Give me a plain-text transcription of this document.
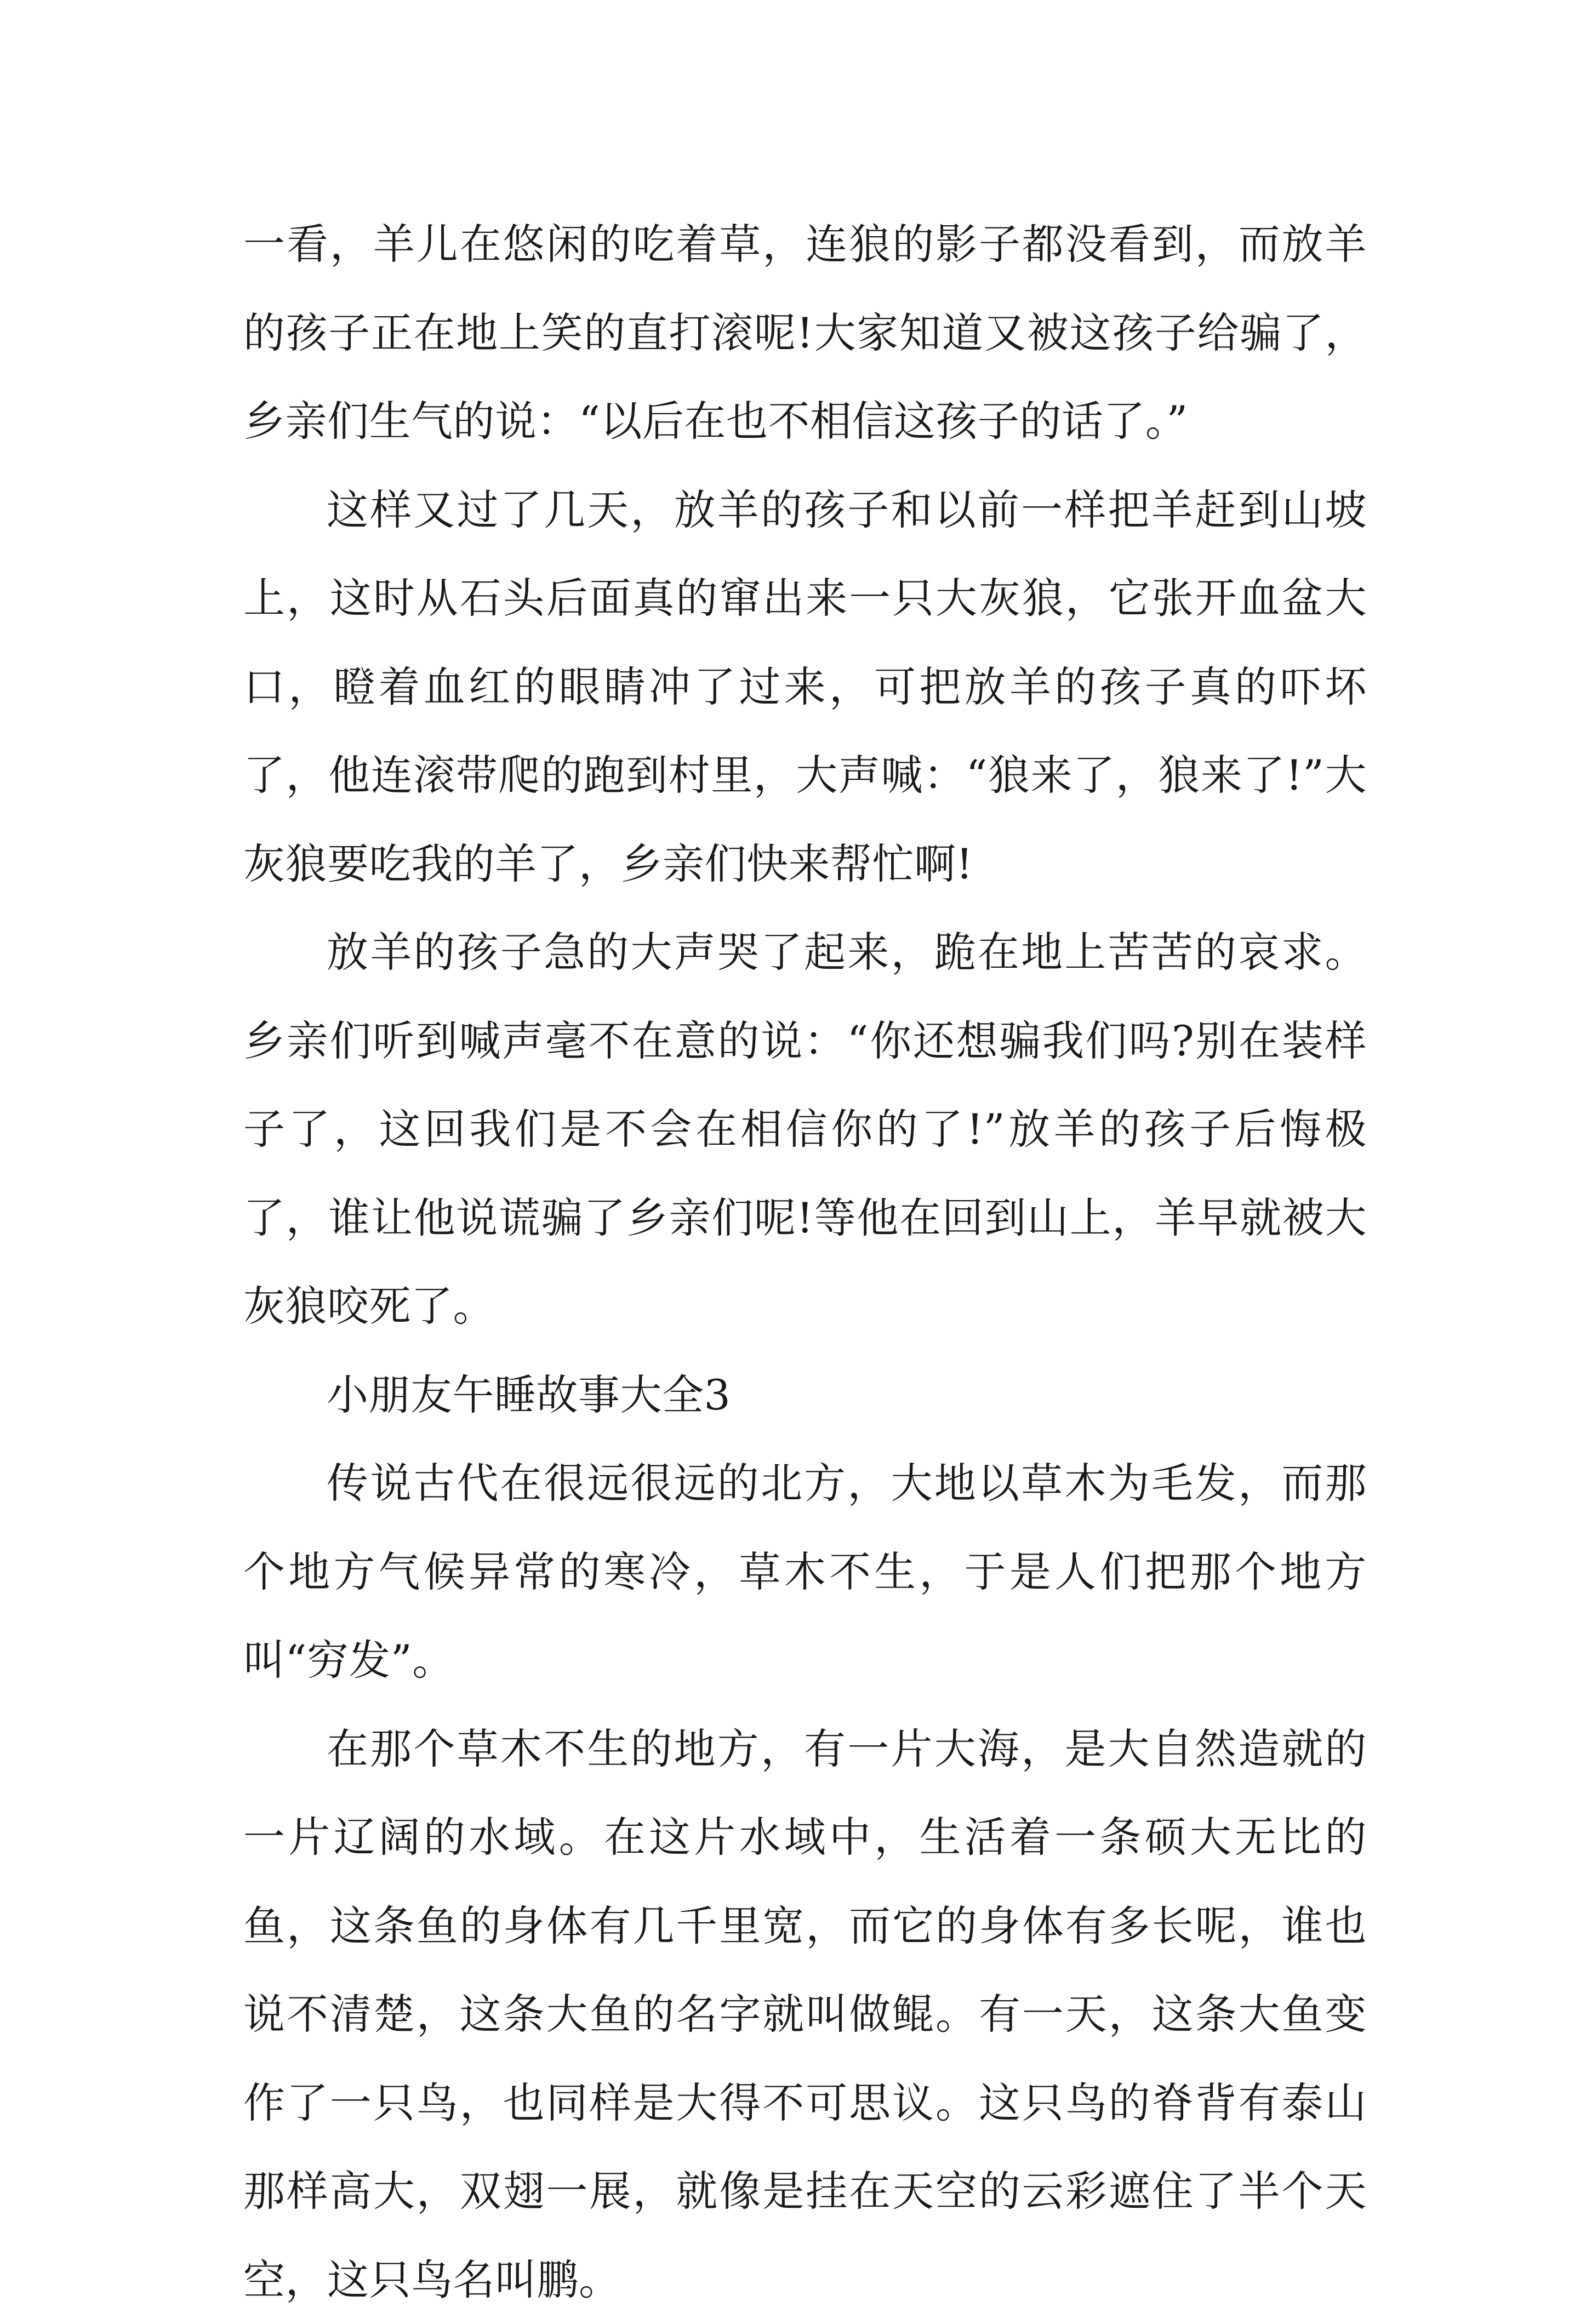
一看，羊儿在悠闲的吃着草，连狼的影子都没看到，而放羊的孩子正在地上笑的直打滚呢!大家知道又被这孩子给骗了，乡亲们生气的说：“以后在也不相信这孩子的话了。”

这样又过了几天，放羊的孩子和以前一样把羊赶到山坡上，这时从石头后面真的窜出来一只大灰狼，它张开血盆大口，瞪着血红的眼睛冲了过来，可把放羊的孩子真的吓坏了，他连滚带爬的跑到村里，大声喊：“狼来了，狼来了!”大灰狼要吃我的羊了，乡亲们快来帮忙啊!

放羊的孩子急的大声哭了起来，跪在地上苦苦的哀求。乡亲们听到喊声毫不在意的说：“你还想骗我们吗?别在装样子了，这回我们是不会在相信你的了!”放羊的孩子后悔极了，谁让他说谎骗了乡亲们呢!等他在回到山上，羊早就被大灰狼咬死了。

小朋友午睡故事大全3

传说古代在很远很远的北方，大地以草木为毛发，而那个地方气候异常的寒冷，草木不生，于是人们把那个地方叫“穷发”。

在那个草木不生的地方，有一片大海，是大自然造就的一片辽阔的水域。在这片水域中，生活着一条硕大无比的鱼，这条鱼的身体有几千里宽，而它的身体有多长呢，谁也说不清楚，这条大鱼的名字就叫做鲲。有一天，这条大鱼变作了一只鸟，也同样是大得不可思议。这只鸟的脊背有泰山那样高大，双翅一展，就像是挂在天空的云彩遮住了半个天空，这只鸟名叫鹏。
